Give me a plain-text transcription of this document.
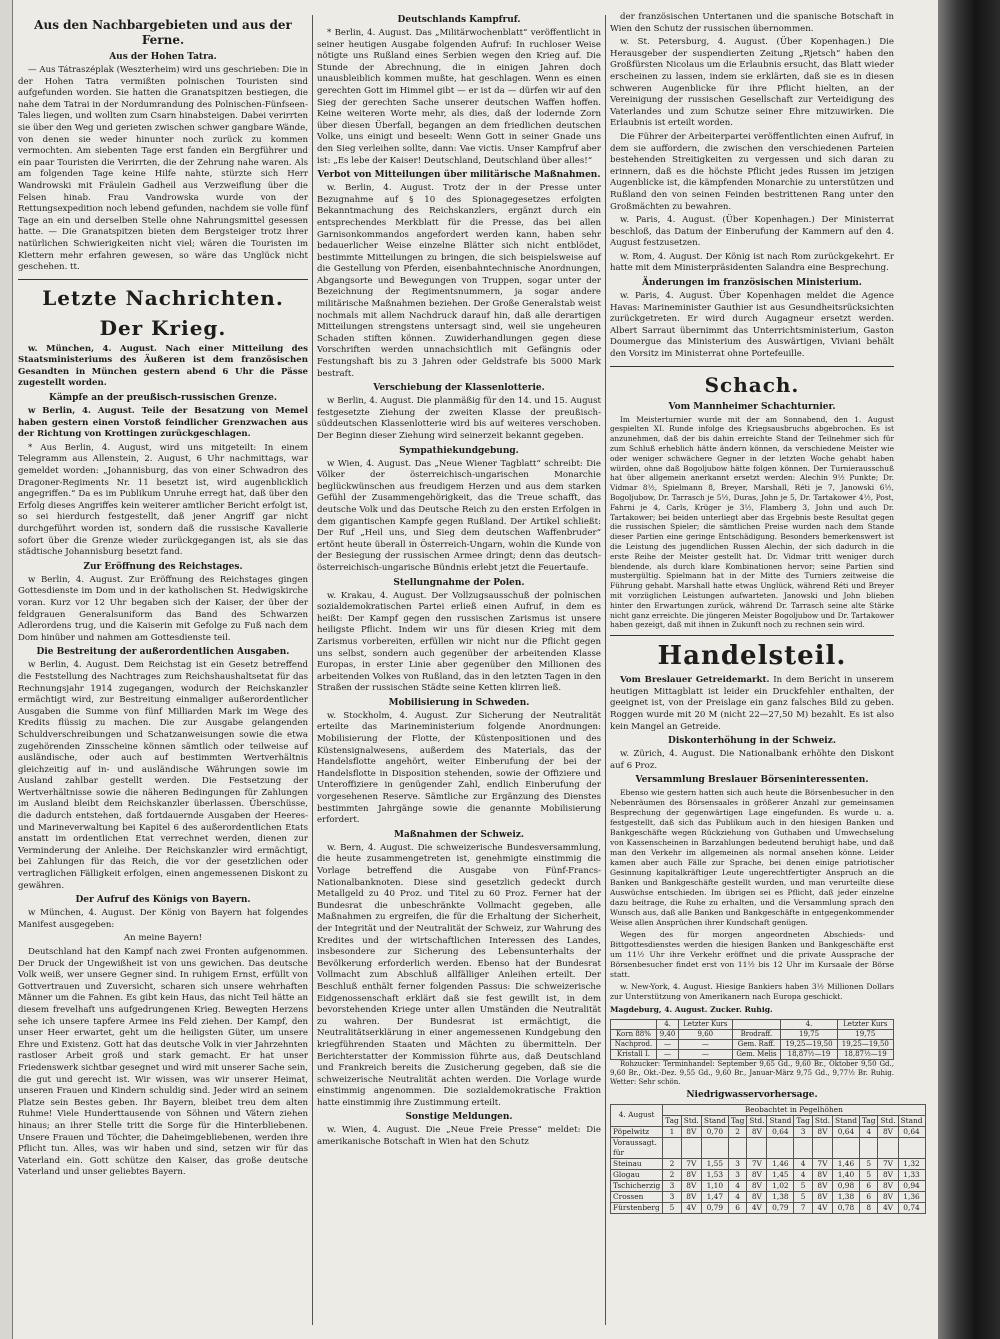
Aus den Nachbargebieten und aus der Ferne.
Aus der Hohen Tatra.

— Aus Tátraszéplak (Weszterheim) wird uns geschrieben: Die in der Hohen Tatra vermißten polnischen Touristen sind aufgefunden worden. Sie hatten die Granatspitzen bestiegen, die nahe dem Tatrai in der Nordumrandung des Polnischen-Fünfseen-Tales liegen, und wollten zum Csarn hinabsteigen. Dabei verirrten sie über den Weg und gerieten zwischen schwer gangbare Wände, von denen sie weder hinunter noch zurück zu kommen vermochten. Am siebenten Tage erst fanden ein Bergführer und ein paar Touristen die Verirrten, die der Zehrung nahe waren. Als am folgenden Tage keine Hilfe nahte, stürzte sich Herr Wandrowski mit Fräulein Gadheil aus Verzweiflung über die Felsen hinab. Frau Vandrowska wurde von der Rettungsexpedition noch lebend gefunden, nachdem sie volle fünf Tage an ein und derselben Stelle ohne Nahrungsmittel gesessen hatte. — Die Granatspitzen bieten dem Bergsteiger trotz ihrer natürlichen Schwierigkeiten nicht viel; wären die Touristen im Klettern mehr erfahren gewesen, so wäre das Unglück nicht geschehen. tt.

Letzte Nachrichten.
Der Krieg.

w. München, 4. August. Nach einer Mitteilung des Staatsministeriums des Äußeren ist dem französischen Gesandten in München gestern abend 6 Uhr die Pässe zugestellt worden.

Kämpfe an der preußisch-russischen Grenze.

w Berlin, 4. August. Teile der Besatzung von Memel haben gestern einen Vorstoß feindlicher Grenzwachen aus der Richtung von Krottingen zurückgeschlagen.

* Aus Berlin, 4. August, wird uns mitgeteilt: In einem Telegramm aus Allenstein, 2. August, 6 Uhr nachmittags, war gemeldet worden: „Johannisburg, das von einer Schwadron des Dragoner-Regiments Nr. 11 besetzt ist, wird augenblicklich angegriffen.“ Da es im Publikum Unruhe erregt hat, daß über den Erfolg dieses Angriffes kein weiterer amtlicher Bericht erfolgt ist, so sei hierdurch festgestellt, daß jener Angriff gar nicht durchgeführt worden ist, sondern daß die russische Kavallerie sofort über die Grenze wieder zurückgegangen ist, als sie das städtische Johannisburg besetzt fand.

Zur Eröffnung des Reichstages.

w Berlin, 4. August. Zur Eröffnung des Reichstages gingen Gottesdienste im Dom und in der katholischen St. Hedwigskirche voran. Kurz vor 12 Uhr begaben sich der Kaiser, der über der feldgrauen Generalsuniform das Band des Schwarzen Adlerordens trug, und die Kaiserin mit Gefolge zu Fuß nach dem Dom hinüber und nahmen am Gottesdienste teil.

Die Bestreitung der außerordentlichen Ausgaben.

w Berlin, 4. August. Dem Reichstag ist ein Gesetz betreffend die Feststellung des Nachtrages zum Reichshaushaltsetat für das Rechnungsjahr 1914 zugegangen, wodurch der Reichskanzler ermächtigt wird, zur Bestreitung einmaliger außerordentlicher Ausgaben die Summe von fünf Milliarden Mark im Wege des Kredits flüssig zu machen. Die zur Ausgabe gelangenden Schuldverschreibungen und Schatzanweisungen sowie die etwa zugehörenden Zinsscheine können sämtlich oder teilweise auf ausländische, oder auch auf bestimmten Wertverhältnis gleichzeitig auf in- und ausländische Währungen sowie im Ausland zahlbar gestellt werden. Die Festsetzung der Wertverhältnisse sowie die näheren Bedingungen für Zahlungen im Ausland bleibt dem Reichskanzler überlassen. Überschüsse, die dadurch entstehen, daß fortdauernde Ausgaben der Heeres- und Marineverwaltung bei Kapitel 6 des außerordentlichen Etats anstatt im ordentlichen Etat verrechnet werden, dienen zur Verminderung der Anleihe. Der Reichskanzler wird ermächtigt, bei Zahlungen für das Reich, die vor der gesetzlichen oder vertraglichen Fälligkeit erfolgen, einen angemessenen Diskont zu gewähren.

Der Aufruf des Königs von Bayern.

w München, 4. August. Der König von Bayern hat folgendes Manifest ausgegeben:

An meine Bayern!

Deutschland hat den Kampf nach zwei Fronten aufgenommen. Der Druck der Ungewißheit ist von uns gewichen. Das deutsche Volk weiß, wer unsere Gegner sind. In ruhigem Ernst, erfüllt von Gottvertrauen und Zuversicht, scharen sich unsere wehrhaften Männer um die Fahnen. Es gibt kein Haus, das nicht Teil hätte an diesem frevelhaft uns aufgedrungenen Krieg. Bewegten Herzens sehe ich unsere tapfere Armee ins Feld ziehen. Der Kampf, den unser Heer erwartet, geht um die heiligsten Güter, um unsere Ehre und Existenz. Gott hat das deutsche Volk in vier Jahrzehnten rastloser Arbeit groß und stark gemacht. Er hat unser Friedenswerk sichtbar gesegnet und wird mit unserer Sache sein, die gut und gerecht ist. Wir wissen, was wir unserer Heimat, unseren Frauen und Kindern schuldig sind. Jeder wird an seinem Platze sein Bestes geben. Ihr Bayern, bleibet treu dem alten Ruhme! Viele Hunderttausende von Söhnen und Vätern ziehen hinaus; an ihrer Stelle tritt die Sorge für die Hinterbliebenen. Unsere Frauen und Töchter, die Daheimgebliebenen, werden ihre Pflicht tun. Alles, was wir haben und sind, setzen wir für das Vaterland ein. Gott schütze den Kaiser, das große deutsche Vaterland und unser geliebtes Bayern.

Deutschlands Kampfruf.

* Berlin, 4. August. Das „Militärwochenblatt“ veröffentlicht in seiner heutigen Ausgabe folgenden Aufruf: In ruchloser Weise nötigte uns Rußland eines Serbien wegen den Krieg auf. Die Stunde der Abrechnung, die in einigen Jahren doch unausbleiblich kommen mußte, hat geschlagen. Wenn es einen gerechten Gott im Himmel gibt — er ist da — dürfen wir auf den Sieg der gerechten Sache unserer deutschen Waffen hoffen. Keine weiteren Worte mehr, als dies, daß der lodernde Zorn über diesen Überfall, begangen an dem friedlichen deutschen Volke, uns einigt und beseelt: Wenn Gott in seiner Gnade uns den Sieg verleihen sollte, dann: Vae victis. Unser Kampfruf aber ist: „Es lebe der Kaiser! Deutschland, Deutschland über alles!“

Verbot von Mitteilungen über militärische Maßnahmen.

w. Berlin, 4. August. Trotz der in der Presse unter Bezugnahme auf § 10 des Spionagegesetzes erfolgten Bekanntmachung des Reichskanzlers, ergänzt durch ein entsprechendes Merkblatt für die Presse, das bei allen Garnisonkommandos angefordert werden kann, haben sehr bedauerlicher Weise einzelne Blätter sich nicht entblödet, bestimmte Mitteilungen zu bringen, die sich beispielsweise auf die Gestellung von Pferden, eisenbahntechnische Anordnungen, Abgangsorte und Bewegungen von Truppen, sogar unter der Bezeichnung der Regimentsnummern, ja sogar andere militärische Maßnahmen beziehen. Der Große Generalstab weist nochmals mit allem Nachdruck darauf hin, daß alle derartigen Mitteilungen strengstens untersagt sind, weil sie ungeheuren Schaden stiften können. Zuwiderhandlungen gegen diese Vorschriften werden unnachsichtlich mit Gefängnis oder Festungshaft bis zu 3 Jahren oder Geldstrafe bis 5000 Mark bestraft.

Verschiebung der Klassenlotterie.

w Berlin, 4. August. Die planmäßig für den 14. und 15. August festgesetzte Ziehung der zweiten Klasse der preußisch-süddeutschen Klassenlotterie wird bis auf weiteres verschoben. Der Beginn dieser Ziehung wird seinerzeit bekannt gegeben.

Sympathiekundgebung.

w Wien, 4. August. Das „Neue Wiener Tagblatt“ schreibt: Die Völker der österreichisch-ungarischen Monarchie beglückwünschen aus freudigem Herzen und aus dem starken Gefühl der Zusammengehörigkeit, das die Treue schafft, das deutsche Volk und das Deutsche Reich zu den ersten Erfolgen in dem gigantischen Kampfe gegen Rußland. Der Artikel schließt: Der Ruf „Heil uns, und Sieg dem deutschen Waffenbruder“ ertönt heute überall in Österreich-Ungarn, wohin die Kunde von der Besiegung der russischen Armee dringt; denn das deutsch-österreichisch-ungarische Bündnis erlebt jetzt die Feuertaufe.

Stellungnahme der Polen.

w. Krakau, 4. August. Der Vollzugsausschuß der polnischen sozialdemokratischen Partei erließ einen Aufruf, in dem es heißt: Der Kampf gegen den russischen Zarismus ist unsere heiligste Pflicht. Indem wir uns für diesen Krieg mit dem Zarismus vorbereiten, erfüllen wir nicht nur die Pflicht gegen uns selbst, sondern auch gegenüber der arbeitenden Klasse Europas, in erster Linie aber gegenüber den Millionen des arbeitenden Volkes von Rußland, das in den letzten Tagen in den Straßen der russischen Städte seine Ketten klirren ließ.

Mobilisierung in Schweden.

w. Stockholm, 4. August. Zur Sicherung der Neutralität erteilte das Marineministerium folgende Anordnungen: Mobilisierung der Flotte, der Küstenpositionen und des Küstensignalwesens, außerdem des Materials, das der Handelsflotte angehört, weiter Einberufung der bei der Handelsflotte in Disposition stehenden, sowie der Offiziere und Unteroffiziere in genügender Zahl, endlich Einberufung der vorgesehenen Reserve. Sämtliche zur Ergänzung des Dienstes bestimmten Jahrgänge sowie die genannte Mobilisierung erfordert.

Maßnahmen der Schweiz.

w. Bern, 4. August. Die schweizerische Bundesversammlung, die heute zusammengetreten ist, genehmigte einstimmig die Vorlage betreffend die Ausgabe von Fünf-Francs-Nationalbanknoten. Diese sind gesetzlich gedeckt durch Metallgeld zu 40 Proz. und Titel zu 60 Proz. Ferner hat der Bundesrat die unbeschränkte Vollmacht gegeben, alle Maßnahmen zu ergreifen, die für die Erhaltung der Sicherheit, der Integrität und der Neutralität der Schweiz, zur Wahrung des Kredites und der wirtschaftlichen Interessen des Landes, insbesondere zur Sicherung des Lebensunterhalts der Bevölkerung erforderlich werden. Ebenso hat der Bundesrat Vollmacht zum Abschluß allfälliger Anleihen erteilt. Der Beschluß enthält ferner folgenden Passus: Die schweizerische Eidgenossenschaft erklärt daß sie fest gewillt ist, in dem bevorstehenden Kriege unter allen Umständen die Neutralität zu wahren. Der Bundesrat ist ermächtigt, die Neutralitätserklärung in einer angemessenen Kundgebung den kriegführenden Staaten und Mächten zu übermitteln. Der Berichterstatter der Kommission führte aus, daß Deutschland und Frankreich bereits die Zusicherung gegeben, daß sie die schweizerische Neutralität achten werden. Die Vorlage wurde einstimmig angenommen. Die sozialdemokratische Fraktion hatte einstimmig ihre Zustimmung erteilt.

Sonstige Meldungen.

w. Wien, 4. August. Die „Neue Freie Presse“ meldet: Die amerikanische Botschaft in Wien hat den Schutz

der französischen Untertanen und die spanische Botschaft in Wien den Schutz der russischen übernommen.

w. St. Petersburg, 4. August. (Über Kopenhagen.) Die Herausgeber der suspendierten Zeitung „Rjetsch“ haben den Großfürsten Nicolaus um die Erlaubnis ersucht, das Blatt wieder erscheinen zu lassen, indem sie erklärten, daß sie es in diesen schweren Augenblicke für ihre Pflicht hielten, an der Vereinigung der russischen Gesellschaft zur Verteidigung des Vaterlandes und zum Schutze seiner Ehre mitzuwirken. Die Erlaubnis ist erteilt worden.

Die Führer der Arbeiterpartei veröffentlichten einen Aufruf, in dem sie auffordern, die zwischen den verschiedenen Parteien bestehenden Streitigkeiten zu vergessen und sich daran zu erinnern, daß es die höchste Pflicht jedes Russen im jetzigen Augenblicke ist, die kämpfenden Monarchie zu unterstützen und Rußland den von seinen Feinden bestrittenen Rang unter den Großmächten zu bewahren.

w. Paris, 4. August. (Über Kopenhagen.) Der Ministerrat beschloß, das Datum der Einberufung der Kammern auf den 4. August festzusetzen.

w. Rom, 4. August. Der König ist nach Rom zurückgekehrt. Er hatte mit dem Ministerpräsidenten Salandra eine Besprechung.

Änderungen im französischen Ministerium.

w. Paris, 4. August. Über Kopenhagen meldet die Agence Havas: Marineminister Gauthier ist aus Gesundheitsrücksichten zurückgetreten. Er wird durch Augagneur ersetzt werden. Albert Sarraut übernimmt das Unterrichtsministerium, Gaston Doumergue das Ministerium des Auswärtigen, Viviani behält den Vorsitz im Ministerrat ohne Portefeuille.

Schach.
Vom Mannheimer Schachturnier.

Im Meisterturnier wurde mit der am Sonnabend, den 1. August gespielten XI. Runde infolge des Kriegsausbruchs abgebrochen. Es ist anzunehmen, daß der bis dahin erreichte Stand der Teilnehmer sich für zum Schluß erheblich hätte ändern können, da verschiedene Meister wie oder weniger schwächere Gegner in der letzten Woche gehabt haben würden, ohne daß Bogoljubow hätte folgen können. Der Turnierausschuß hat über allgemein anerkannt ersetzt werden: Alechin 9½ Punkte; Dr. Vidmar 8½, Spielmann 8, Breyer, Marshall, Réti je 7, Janowski 6½, Bogoljubow, Dr. Tarrasch je 5½, Duras, John je 5, Dr. Tartakower 4½, Post, Fahrni je 4, Carls, Krüger je 3½, Flamberg 3, John und auch Dr. Tartakower; bei beiden unterliegt aber das Ergebnis beste Resultat gegen die russischen Spieler; die sämtlichen Preise wurden nach dem Stande dieser Partien eine geringe Entschädigung. Besonders bemerkenswert ist die Leistung des jugendlichen Russen Alechin, der sich dadurch in die erste Reihe der Meister gestellt hat. Dr. Vidmar tritt weniger durch blendende, als durch klare Kombinationen hervor; seine Partien sind mustergültig. Spielmann hat in der Mitte des Turniers zeitweise die Führung gehabt. Marshall hatte etwas Unglück, während Réti und Breyer mit vorzüglichen Leistungen aufwarteten. Janowski und John blieben hinter den Erwartungen zurück, während Dr. Tarrasch seine alte Stärke nicht ganz erreichte. Die jüngeren Meister Bogoljubow und Dr. Tartakower haben gezeigt, daß mit ihnen in Zukunft noch zu rechnen sein wird.

Handelsteil.

Vom Breslauer Getreidemarkt. In dem Bericht in unserem heutigen Mittagblatt ist leider ein Druckfehler enthalten, der geeignet ist, von der Preislage ein ganz falsches Bild zu geben. Roggen wurde mit 20 M (nicht 22—27,50 M) bezahlt. Es ist also kein Mangel an Getreide.

Diskonterhöhung in der Schweiz.

w. Zürich, 4. August. Die Nationalbank erhöhte den Diskont auf 6 Proz.

Versammlung Breslauer Börseninteressenten.

Ebenso wie gestern hatten sich auch heute die Börsenbesucher in den Nebenräumen des Börsensaales in größerer Anzahl zur gemeinsamen Besprechung der gegenwärtigen Lage eingefunden. Es wurde u. a. festgestellt, daß sich das Publikum auch in den hiesigen Banken und Bankgeschäfte wegen Rückziehung von Guthaben und Umwechselung von Kassenscheinen in Barzahlungen bedeutend beruhigt habe, und daß man den Verkehr im allgemeinen als normal ansehen könne. Leider kamen aber auch Fälle zur Sprache, bei denen einige patriotischer Gesinnung kapitalkräftiger Leute ungerechtfertigter Anspruch an die Banken und Bankgeschäfte gestellt wurden, und man verurteilte diese Auswüchse entschieden. Im übrigen sei es Pflicht, daß jeder einzelne dazu beitrage, die Ruhe zu erhalten, und die Versammlung sprach den Wunsch aus, daß alle Banken und Bankgeschäfte in entgegenkommender Weise allen Ansprüchen ihrer Kundschaft genügen.

Wegen des für morgen angeordneten Abschieds- und Bittgottesdienstes werden die hiesigen Banken und Bankgeschäfte erst um 11½ Uhr ihre Verkehr eröffnet und die private Aussprache der Börsenbesucher findet erst von 11½ bis 12 Uhr im Kursaale der Börse statt.

w. New-York, 4. August. Hiesige Bankiers haben 3½ Millionen Dollars zur Unterstützung von Amerikanern nach Europa geschickt.

Magdeburg, 4. August. Zucker. Ruhig.
	4.	Letzter Kurs		4.	Letzter Kurs
Korn 88%	9,40	9,60	Brodraff.	19,75	19,75
Nachprod.	—	—	Gem. Raff.	19,25—19,50	19,25—19,50
Kristall I.	—	—	Gem. Melis	18,87½—19	18,87½—19

Rohzucker: Terminhandel: September 9,65 Gd., 9,60 Br., Oktober 9,50 Gd., 9,60 Br., Okt.-Dez. 9,55 Gd., 9,60 Br., Januar-März 9,75 Gd., 9,77½ Br. Ruhig. Wetter: Sehr schön.

Niedrigwasservorhersage.
4. August	Beobachtet in Pegelhöhen											
	Tag	Std.	Stand	Tag	Std.	Stand	Tag	Std.	Stand	Tag	Std.	Stand
Pöpelwitz	1	8V	0,70	2	8V	0,64	3	8V	0,64	4	8V	0,64
Voraussagt. für												
Steinau	2	7V	1,55	3	7V	1,46	4	7V	1,46	5	7V	1,32
Glogau	2	8V	1,53	3	8V	1,45	4	8V	1,40	5	8V	1,33
Tschicherzig	3	8V	1,10	4	8V	1,02	5	8V	0,98	6	8V	0,94
Crossen	3	8V	1,47	4	8V	1,38	5	8V	1,38	6	8V	1,36
Fürstenberg	5	4V	0,79	6	4V	0,79	7	4V	0,78	8	4V	0,74
